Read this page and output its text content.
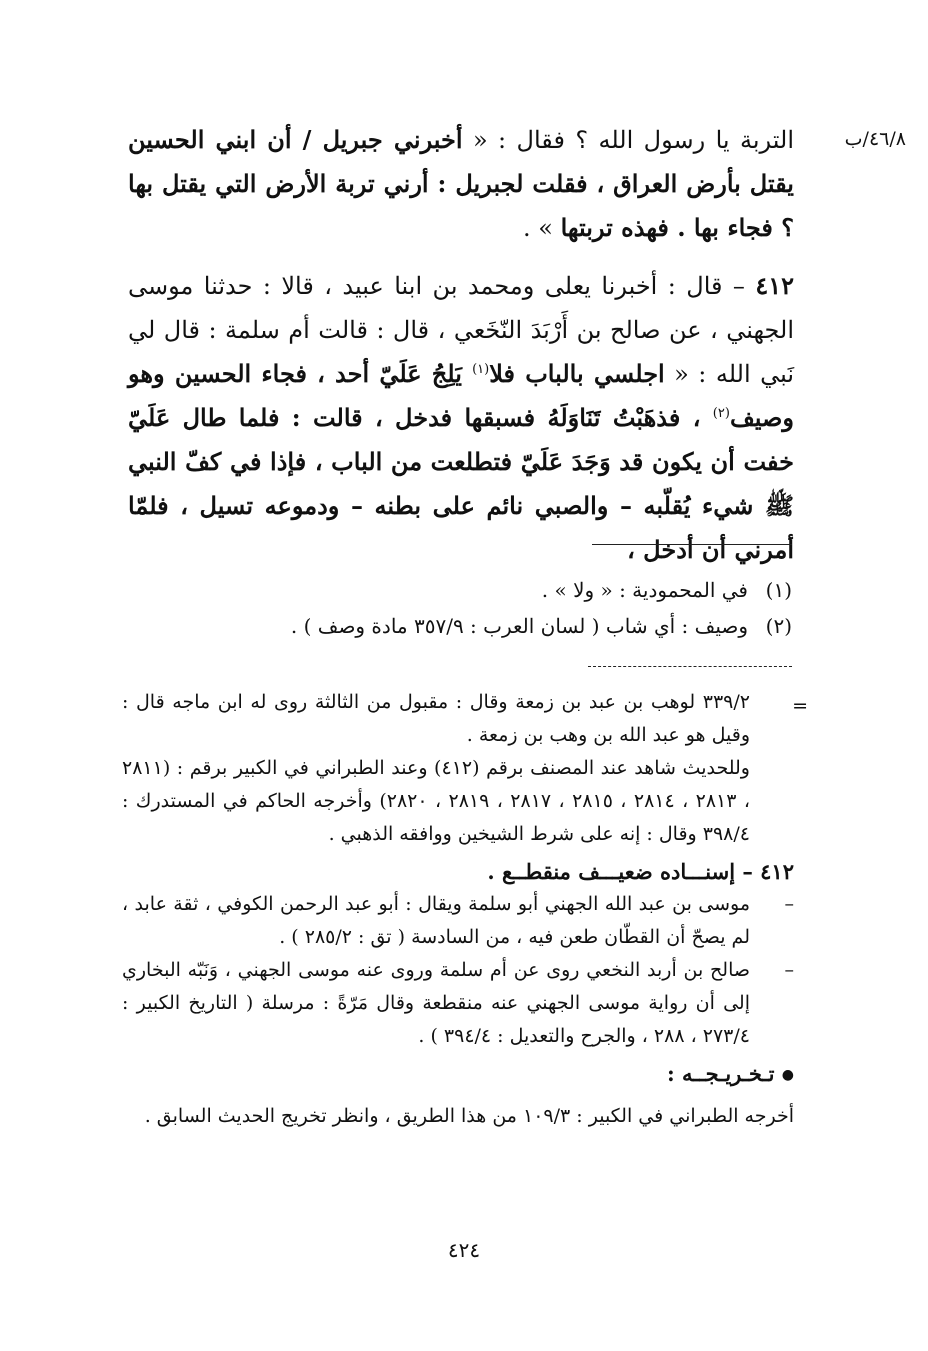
٤٦/٨/ب

التربة يا رسول الله ؟ فقال : « أخبرني جبريل / أن ابني الحسين يقتل بأرض العراق ، فقلت لجبريل : أرني تربة الأرض التي يقتل بها ؟ فجاء بها . فهذه تربتها » .

٤١٢ – قال : أخبرنا يعلى ومحمد بن ابنا عبيد ، قالا : حدثنا موسى الجهني ، عن صالح بن أَرْبَدَ النّخَعي ، قال : قالت أم سلمة : قال لي نَبي الله : « اجلسي بالباب فلا$^{(١)}$ يَلِجُ عَلَيّ أحد ، فجاء الحسين وهو وصيف$^{(٢)}$ ، فذهَبْتُ تَنَاوَلَهُ فسبقها فدخل ، قالت : فلما طال عَلَيّ خفت أن يكون قد وَجَدَ عَلَيّ فتطلعت من الباب ، فإذا في كفّ النبي ﷺ شيء يُقلّبه – والصبي نائم على بطنه – ودموعه تسيل ، فلمّا أمرني أن أدخل ،

(١)في المحمودية : « ولا » .
(٢)وصيف : أي شاب ( لسان العرب : ٣٥٧/٩ مادة وصف ) .
=

٣٣٩/٢ لوهب بن عبد بن زمعة وقال : مقبول من الثالثة روى له ابن ماجه قال : وقيل هو عبد الله بن وهب بن زمعة .

وللحديث شاهد عند المصنف برقم (٤١٢) وعند الطبراني في الكبير برقم : (٢٨١١ ، ٢٨١٣ ، ٢٨١٤ ، ٢٨١٥ ، ٢٨١٧ ، ٢٨١٩ ، ٢٨٢٠) وأخرجه الحاكم في المستدرك : ٣٩٨/٤ وقال : إنه على شرط الشيخين ووافقه الذهبي .

٤١٢ – إسنـــاده ضعيـــف منقطــع .

–
موسى بن عبد الله الجهني أبو سلمة ويقال : أبو عبد الرحمن الكوفي ، ثقة عابد ، لم يصحّ أن القطّان طعن فيه ، من السادسة ( تق : ٢٨٥/٢ ) .

–
صالح بن أربد النخعي روى عن أم سلمة وروى عنه موسى الجهني ، وَنَبّه البخاري إلى أن رواية موسى الجهني عنه منقطعة وقال مَرّةً : مرسلة ( التاريخ الكبير : ٢٧٣/٤ ، ٢٨٨ ، والجرح والتعديل : ٣٩٤/٤ ) .

● تـخـريـجــه :

أخرجه الطبراني في الكبير : ١٠٩/٣ من هذا الطريق ، وانظر تخريج الحديث السابق .

٤٢٤
